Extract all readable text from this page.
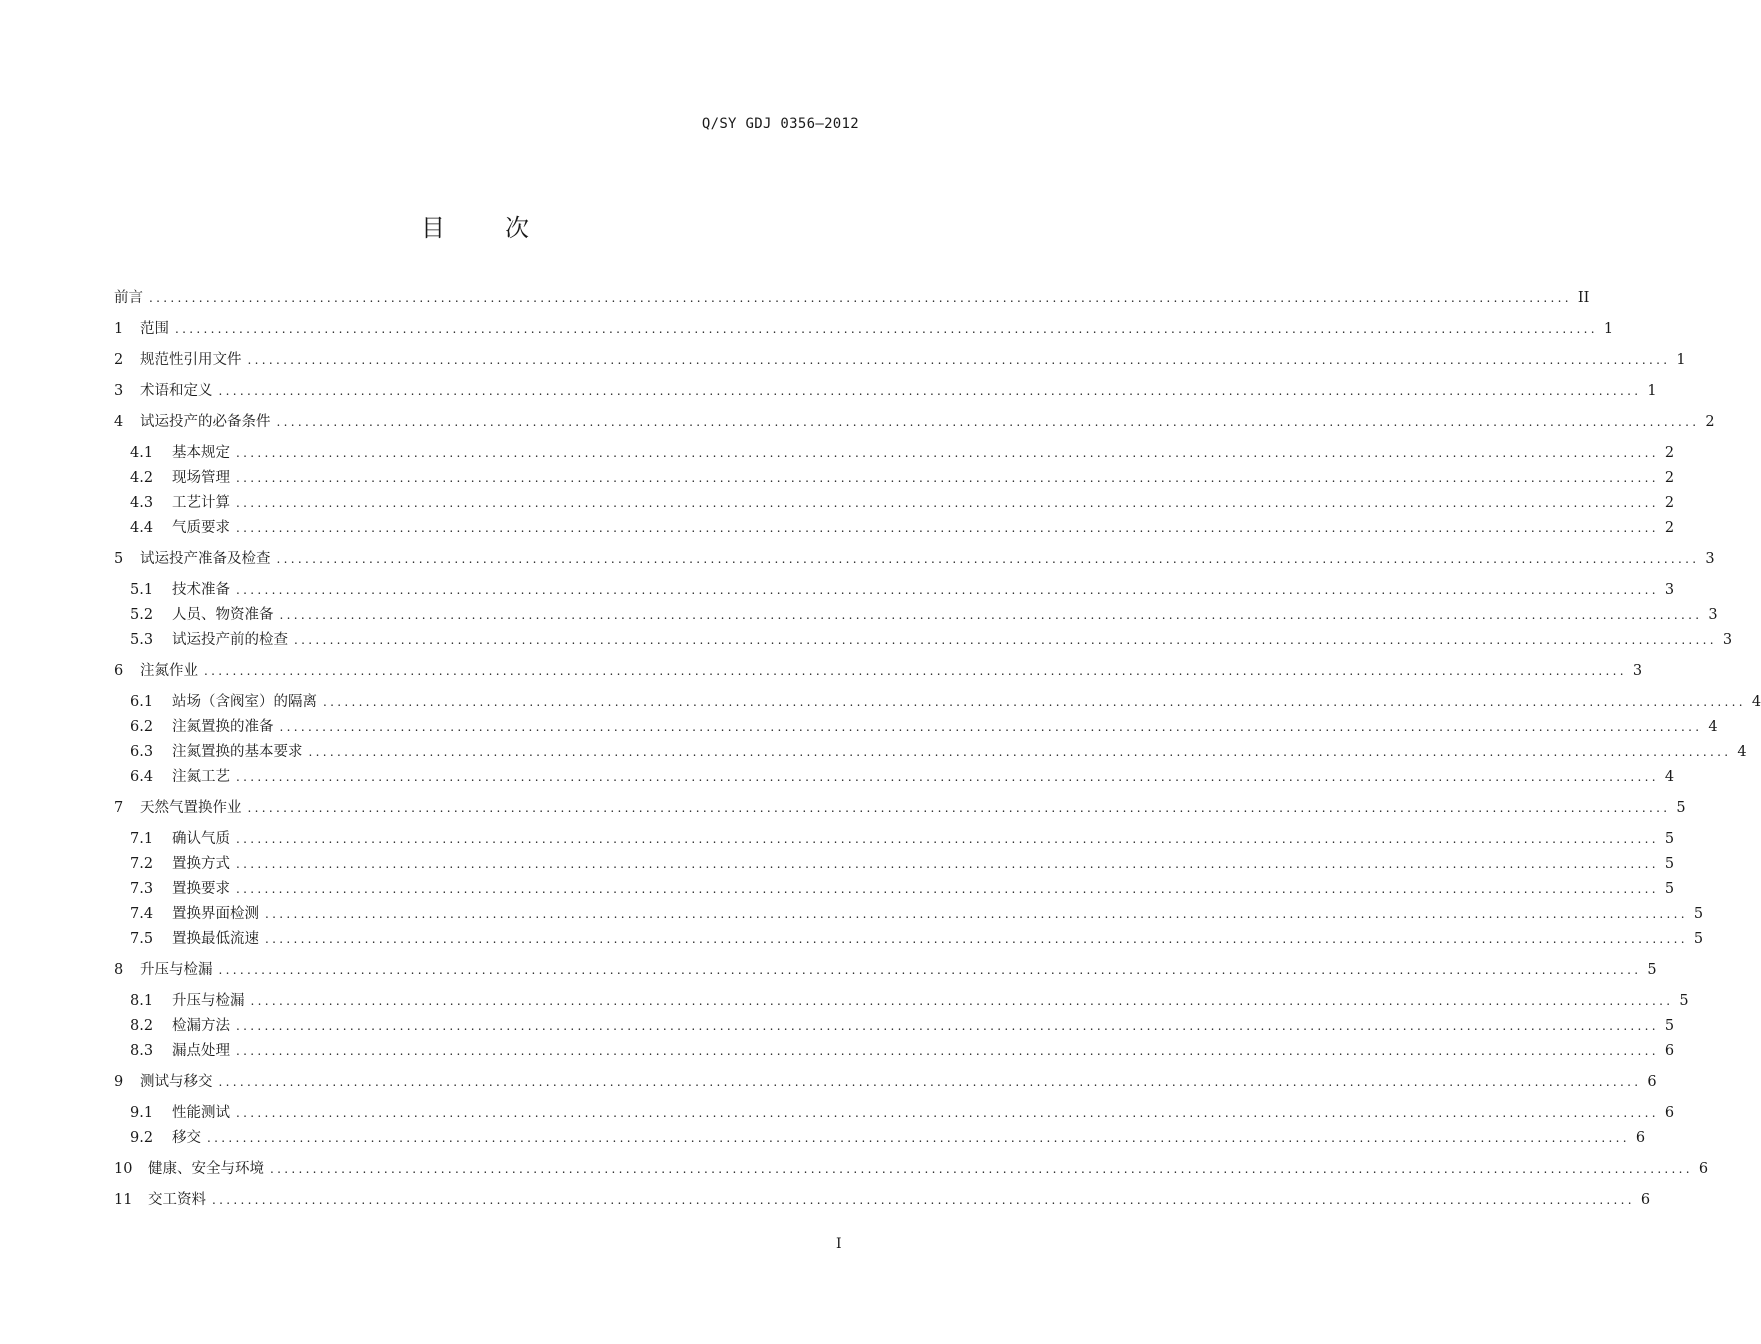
Q/SY GDJ 0356—2012
目	次
前言 ........................................................................................................................................................................................................ II
1	范围 ........................................................................................................................................................................................................ 1
2	规范性引用文件 ........................................................................................................................................................................................................ 1
3	术语和定义 ........................................................................................................................................................................................................ 1
4	试运投产的必备条件 ........................................................................................................................................................................................................ 2
4.1	基本规定 ........................................................................................................................................................................................................ 2
4.2	现场管理 ........................................................................................................................................................................................................ 2
4.3	工艺计算 ........................................................................................................................................................................................................ 2
4.4	气质要求 ........................................................................................................................................................................................................ 2
5	试运投产准备及检查 ........................................................................................................................................................................................................ 3
5.1	技术准备 ........................................................................................................................................................................................................ 3
5.2	人员、物资准备 ........................................................................................................................................................................................................ 3
5.3	试运投产前的检查 ........................................................................................................................................................................................................ 3
6	注氮作业 ........................................................................................................................................................................................................ 3
6.1	站场（含阀室）的隔离 ........................................................................................................................................................................................................ 4
6.2	注氮置换的准备 ........................................................................................................................................................................................................ 4
6.3	注氮置换的基本要求 ........................................................................................................................................................................................................ 4
6.4	注氮工艺 ........................................................................................................................................................................................................ 4
7	天然气置换作业 ........................................................................................................................................................................................................ 5
7.1	确认气质 ........................................................................................................................................................................................................ 5
7.2	置换方式 ........................................................................................................................................................................................................ 5
7.3	置换要求 ........................................................................................................................................................................................................ 5
7.4	置换界面检测 ........................................................................................................................................................................................................ 5
7.5	置换最低流速 ........................................................................................................................................................................................................ 5
8	升压与检漏 ........................................................................................................................................................................................................ 5
8.1	升压与检漏 ........................................................................................................................................................................................................ 5
8.2	检漏方法 ........................................................................................................................................................................................................ 5
8.3	漏点处理 ........................................................................................................................................................................................................ 6
9	测试与移交 ........................................................................................................................................................................................................ 6
9.1	性能测试 ........................................................................................................................................................................................................ 6
9.2	移交 ........................................................................................................................................................................................................ 6
10	健康、安全与环境 ........................................................................................................................................................................................................ 6
11	交工资料 ........................................................................................................................................................................................................ 6
I
